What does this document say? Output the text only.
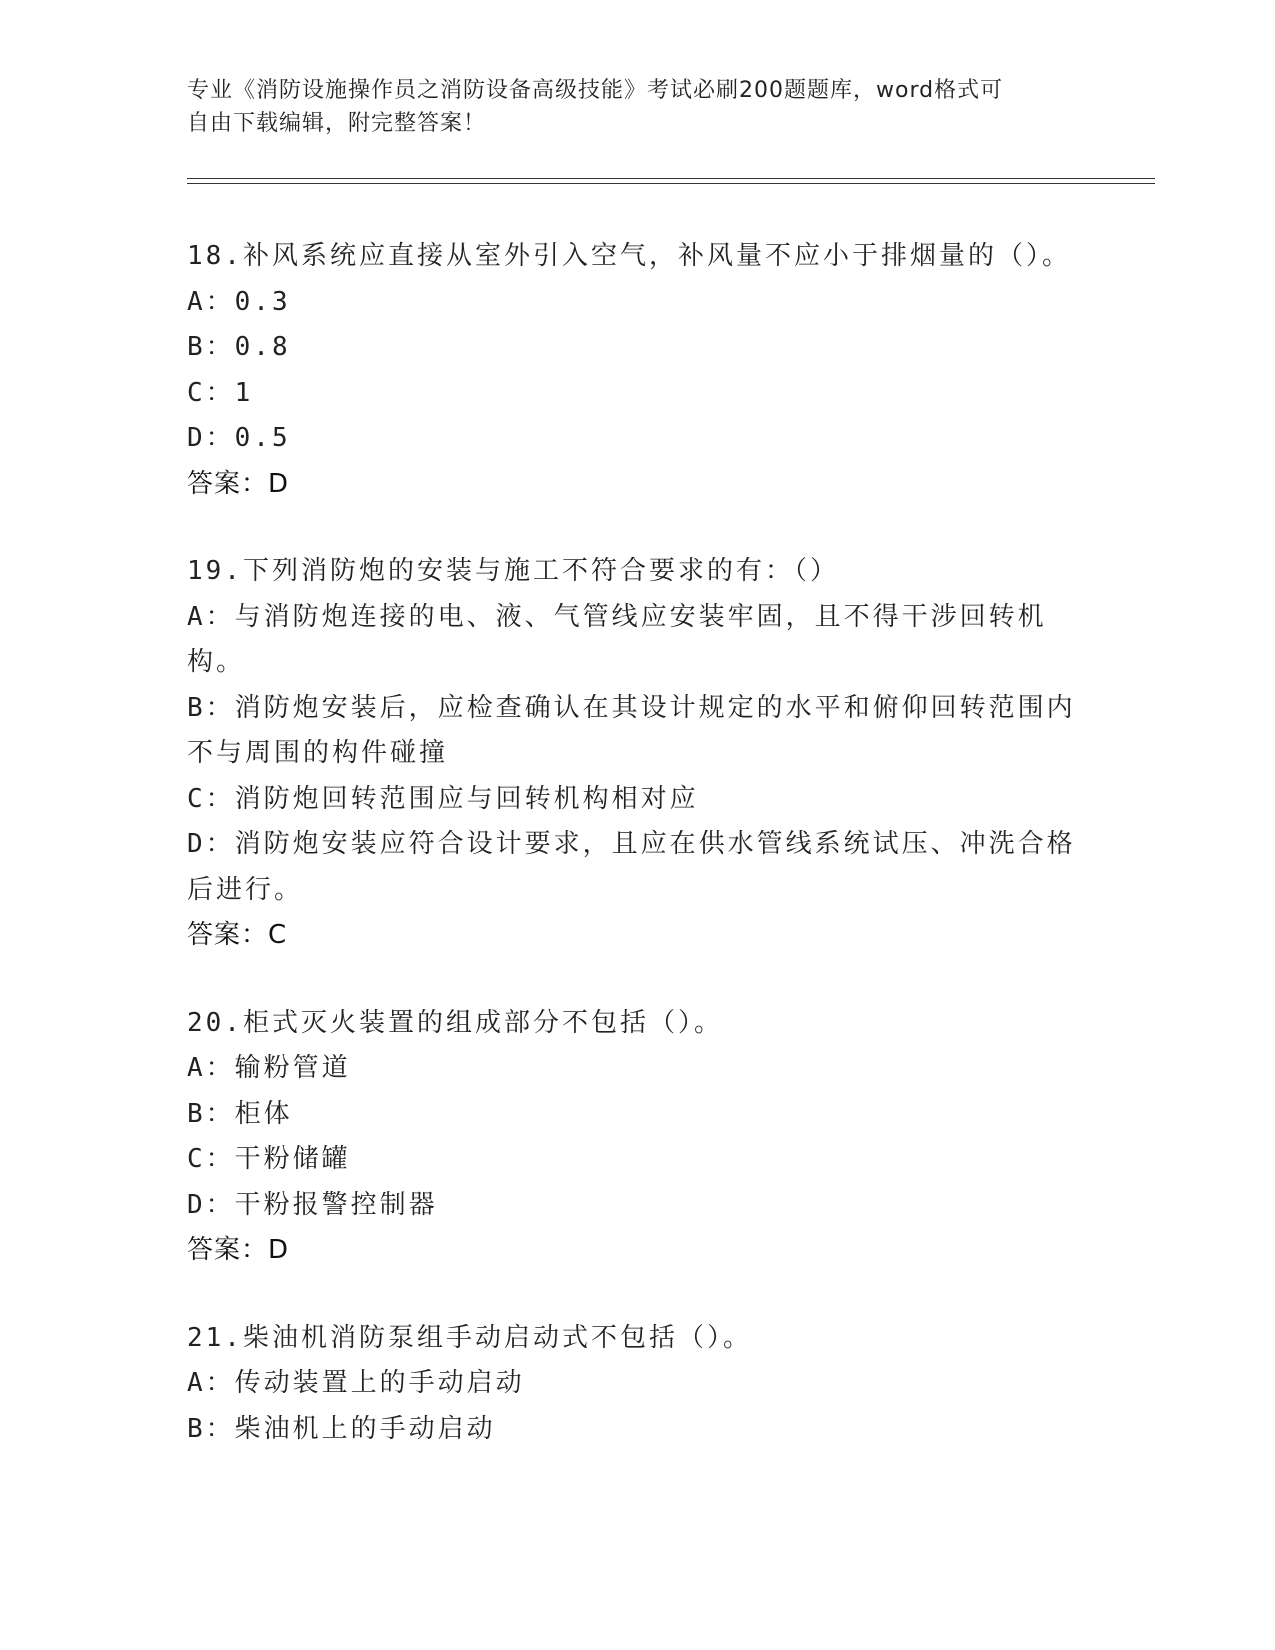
专业《消防设施操作员之消防设备高级技能》考试必刷200题题库，word格式可
自由下载编辑，附完整答案！
18.补风系统应直接从室外引入空气，补风量不应小于排烟量的（）。
A：0.3
B：0.8
C：1
D：0.5
答案：D
19.下列消防炮的安装与施工不符合要求的有：（）
A：与消防炮连接的电、液、气管线应安装牢固，且不得干涉回转机构。
B：消防炮安装后，应检查确认在其设计规定的水平和俯仰回转范围内不与周围的构件碰撞
C：消防炮回转范围应与回转机构相对应
D：消防炮安装应符合设计要求，且应在供水管线系统试压、冲洗合格后进行。
答案：C
20.柜式灭火装置的组成部分不包括（）。
A：输粉管道
B：柜体
C：干粉储罐
D：干粉报警控制器
答案：D
21.柴油机消防泵组手动启动式不包括（）。
A：传动装置上的手动启动
B：柴油机上的手动启动
